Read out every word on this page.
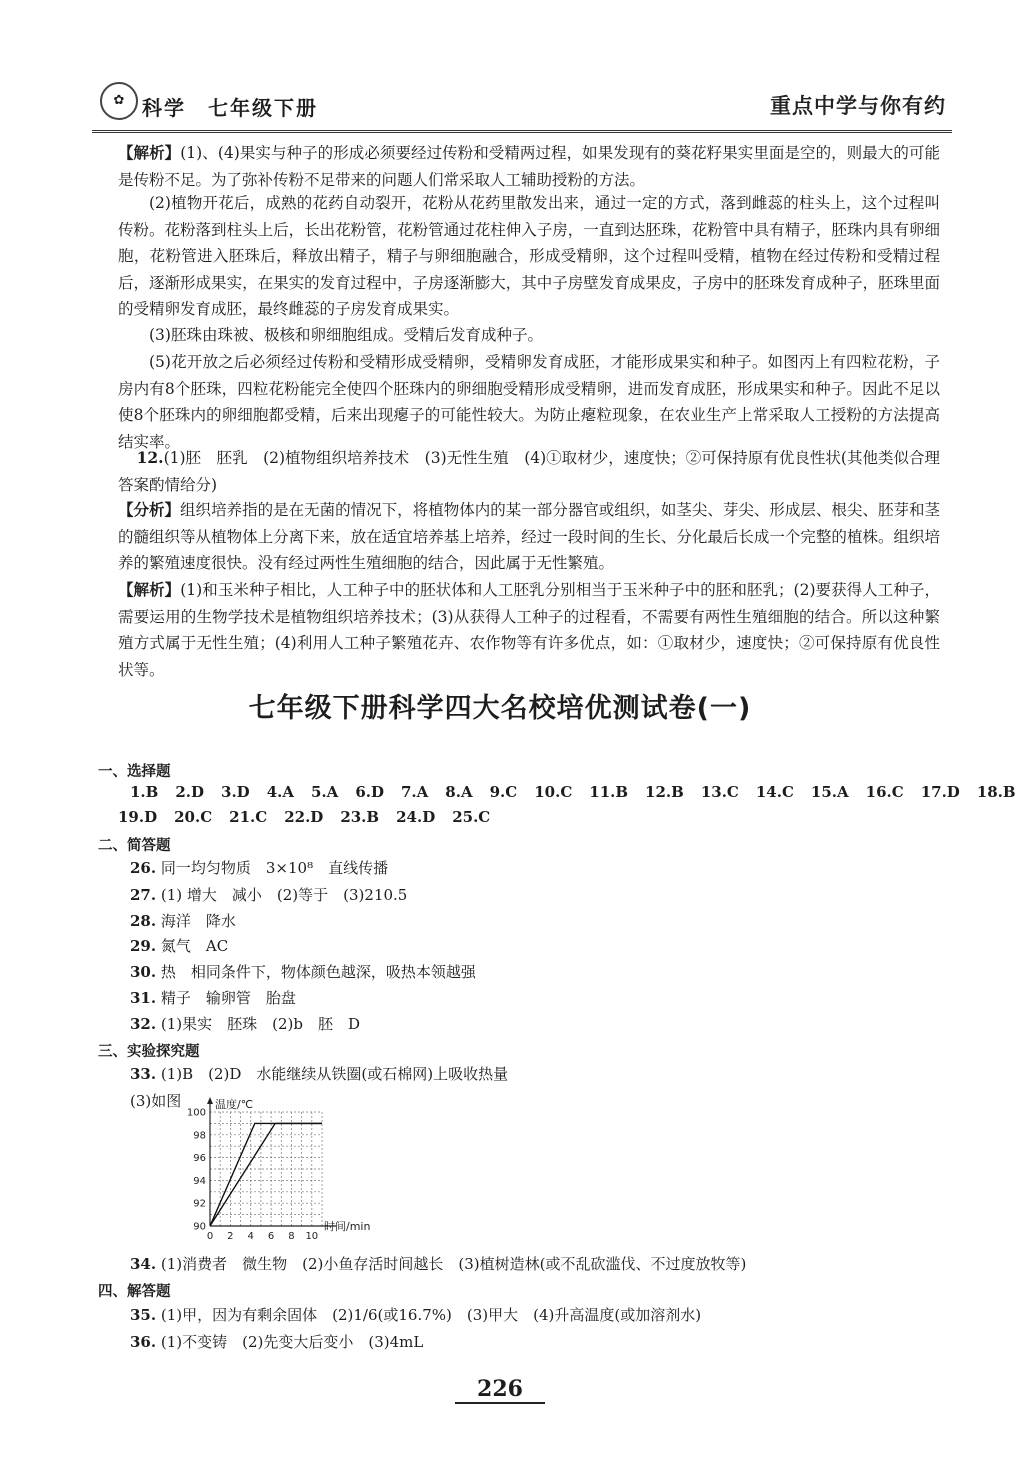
✿ 科学　七年级下册	重点中学与你有约
【解析】(1)、(4)果实与种子的形成必须要经过传粉和受精两过程，如果发现有的葵花籽果实里面是空的，则最大的可能是传粉不足。为了弥补传粉不足带来的问题人们常采取人工辅助授粉的方法。
(2)植物开花后，成熟的花药自动裂开，花粉从花药里散发出来，通过一定的方式，落到雌蕊的柱头上，这个过程叫传粉。花粉落到柱头上后，长出花粉管，花粉管通过花柱伸入子房，一直到达胚珠，花粉管中具有精子，胚珠内具有卵细胞，花粉管进入胚珠后，释放出精子，精子与卵细胞融合，形成受精卵，这个过程叫受精，植物在经过传粉和受精过程后，逐渐形成果实，在果实的发育过程中，子房逐渐膨大，其中子房壁发育成果皮，子房中的胚珠发育成种子，胚珠里面的受精卵发育成胚，最终雌蕊的子房发育成果实。
(3)胚珠由珠被、极核和卵细胞组成。受精后发育成种子。
(5)花开放之后必须经过传粉和受精形成受精卵，受精卵发育成胚，才能形成果实和种子。如图丙上有四粒花粉，子房内有8个胚珠，四粒花粉能完全使四个胚珠内的卵细胞受精形成受精卵，进而发育成胚，形成果实和种子。因此不足以使8个胚珠内的卵细胞都受精，后来出现瘪子的可能性较大。为防止瘪粒现象，在农业生产上常采取人工授粉的方法提高结实率。
12.(1)胚　胚乳　(2)植物组织培养技术　(3)无性生殖　(4)①取材少，速度快；②可保持原有优良性状(其他类似合理答案酌情给分)
【分析】组织培养指的是在无菌的情况下，将植物体内的某一部分器官或组织，如茎尖、芽尖、形成层、根尖、胚芽和茎的髓组织等从植物体上分离下来，放在适宜培养基上培养，经过一段时间的生长、分化最后长成一个完整的植株。组织培养的繁殖速度很快。没有经过两性生殖细胞的结合，因此属于无性繁殖。
【解析】(1)和玉米种子相比，人工种子中的胚状体和人工胚乳分别相当于玉米种子中的胚和胚乳；(2)要获得人工种子，需要运用的生物学技术是植物组织培养技术；(3)从获得人工种子的过程看，不需要有两性生殖细胞的结合。所以这种繁殖方式属于无性生殖；(4)利用人工种子繁殖花卉、农作物等有许多优点，如：①取材少，速度快；②可保持原有优良性状等。
七年级下册科学四大名校培优测试卷(一)
一、选择题
1.B 2.D 3.D 4.A 5.A 6.D 7.A 8.A 9.C 10.C 11.B 12.B 13.C 14.C 15.A 16.C 17.D 18.B
19.D 20.C 21.C 22.D 23.B 24.D 25.C
二、简答题
26. 同一均匀物质　3×10⁸　直线传播
27. (1) 增大　减小　(2)等于　(3)210.5
28. 海洋　降水
29. 氮气　AC
30. 热　相同条件下，物体颜色越深，吸热本领越强
31. 精子　输卵管　胎盘
32. (1)果实　胚珠　(2)b　胚　D
三、实验探究题
33. (1)B　(2)D　水能继续从铁圈(或石棉网)上吸收热量
(3)如图
0 2 4 6 8 10
90
92
94
96
98
100
温度/℃
时间/min
34. (1)消费者　微生物　(2)小鱼存活时间越长　(3)植树造林(或不乱砍滥伐、不过度放牧等)
四、解答题
35. (1)甲，因为有剩余固体　(2)1/6(或16.7%)　(3)甲大　(4)升高温度(或加溶剂水)
36. (1)不变铸　(2)先变大后变小　(3)4mL
226
